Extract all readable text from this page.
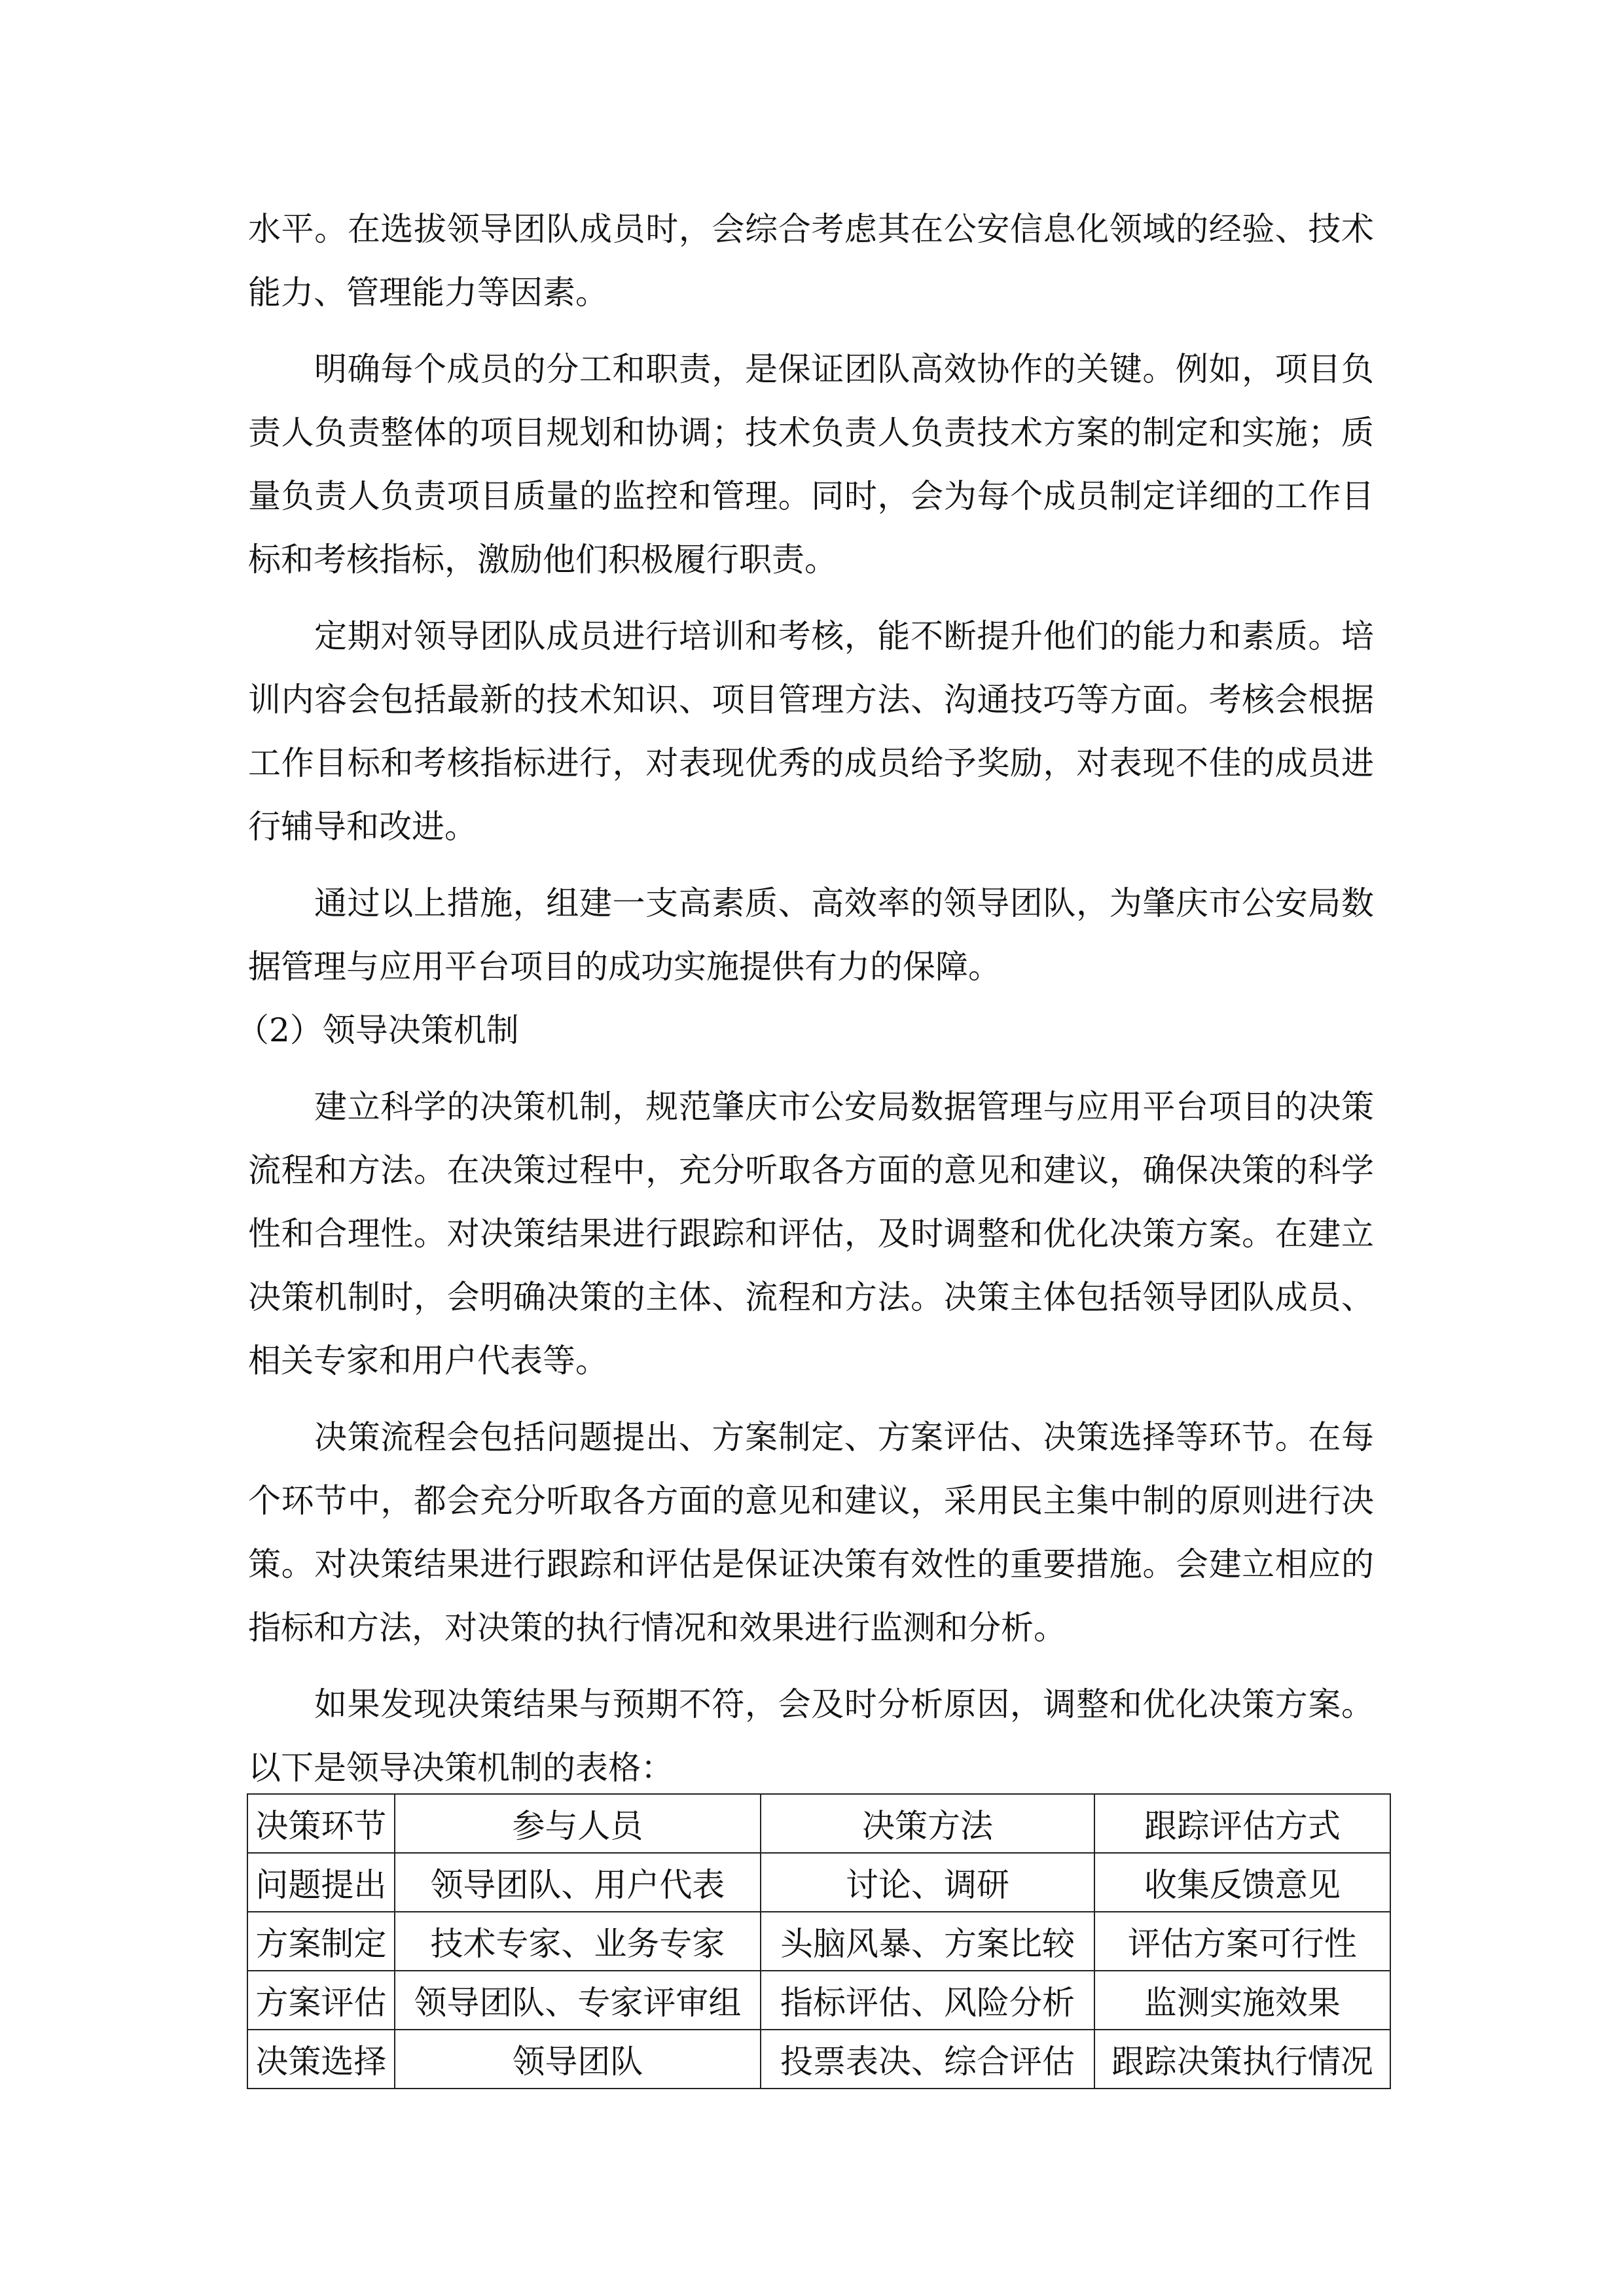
水平。在选拔领导团队成员时，会综合考虑其在公安信息化领域的经验、技术
能力、管理能力等因素。
明确每个成员的分工和职责，是保证团队高效协作的关键。例如，项目负
责人负责整体的项目规划和协调；技术负责人负责技术方案的制定和实施；质
量负责人负责项目质量的监控和管理。同时，会为每个成员制定详细的工作目
标和考核指标，激励他们积极履行职责。
定期对领导团队成员进行培训和考核，能不断提升他们的能力和素质。培
训内容会包括最新的技术知识、项目管理方法、沟通技巧等方面。考核会根据
工作目标和考核指标进行，对表现优秀的成员给予奖励，对表现不佳的成员进
行辅导和改进。
通过以上措施，组建一支高素质、高效率的领导团队，为肇庆市公安局数
据管理与应用平台项目的成功实施提供有力的保障。
（2）领导决策机制
建立科学的决策机制，规范肇庆市公安局数据管理与应用平台项目的决策
流程和方法。在决策过程中，充分听取各方面的意见和建议，确保决策的科学
性和合理性。对决策结果进行跟踪和评估，及时调整和优化决策方案。在建立
决策机制时，会明确决策的主体、流程和方法。决策主体包括领导团队成员、
相关专家和用户代表等。
决策流程会包括问题提出、方案制定、方案评估、决策选择等环节。在每
个环节中，都会充分听取各方面的意见和建议，采用民主集中制的原则进行决
策。对决策结果进行跟踪和评估是保证决策有效性的重要措施。会建立相应的
指标和方法，对决策的执行情况和效果进行监测和分析。
如果发现决策结果与预期不符，会及时分析原因，调整和优化决策方案。
以下是领导决策机制的表格：
决策环节	参与人员	决策方法	跟踪评估方式
问题提出	领导团队、用户代表	讨论、调研	收集反馈意见
方案制定	技术专家、业务专家	头脑风暴、方案比较	评估方案可行性
方案评估	领导团队、专家评审组	指标评估、风险分析	监测实施效果
决策选择	领导团队	投票表决、综合评估	跟踪决策执行情况
